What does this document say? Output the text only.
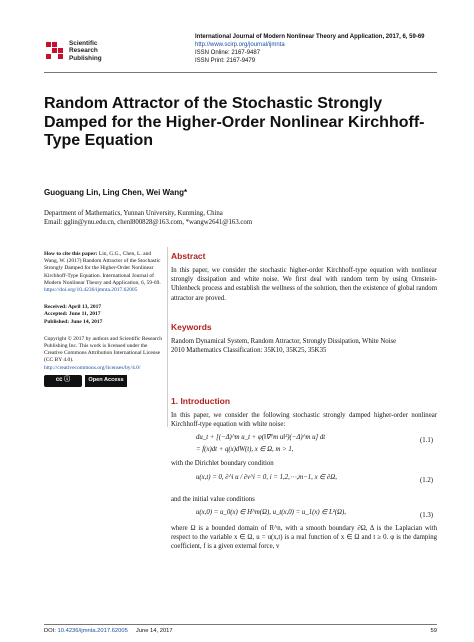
Scientific
Research
Publishing
International Journal of Modern Nonlinear Theory and Application, 2017, 6, 59-69
http://www.scirp.org/journal/ijmnta
ISSN Online: 2167-9487
ISSN Print: 2167-9479
Random Attractor of the Stochastic Strongly Damped for the Higher-Order Nonlinear Kirchhoff-Type Equation
Guoguang Lin, Ling Chen, Wei Wang*
Department of Mathematics, Yunnan University, Kunming, China
Email: gglin@ynu.edu.cn, chenl800828@163.com, *wangw2641@163.com

How to cite this paper: Lin, G.G., Chen, L. and Wang, W. (2017) Random Attractor of the Stochastic Strongly Damped for the Higher-Order Nonlinear Kirchhoff-Type Equation. International Journal of Modern Nonlinear Theory and Application, 6, 59-69. https://doi.org/10.4236/ijmnta.2017.62005

Received: April 13, 2017
Accepted: June 11, 2017
Published: June 14, 2017

Copyright © 2017 by authors and Scientific Research Publishing Inc. This work is licensed under the Creative Commons Attribution International License (CC BY 4.0).
http://creativecommons.org/licenses/by/4.0/

cc ⓘ	Open Access
Abstract
In this paper, we consider the stochastic higher-order Kirchhoff-type equation with nonlinear strongly dissipation and white noise. We first deal with random term by using Ornstein-Uhlenbeck process and establish the wellness of the solution, then the existence of global random attractor are proved.
Keywords
Random Dynamical System, Random Attractor, Strongly Dissipation, White Noise
2010 Mathematics Classification: 35K10, 35K25, 35K35
1. Introduction
In this paper, we consider the following stochastic strongly damped higher-order nonlinear Kirchhoff-type equation with white noise:
du_t + [(−Δ)^m u_t + φ(‖∇^m u‖²)(−Δ)^m u] dt
= f(x)dt + q(x)dW(t), x ∈ Ω, m > 1,
(1.1)
with the Dirichlet boundary condition
u(x,t) = 0, ∂^i u / ∂ν^i = 0, i = 1,2,⋯,m−1, x ∈ ∂Ω,	(1.2)
and the initial value conditions
u(x,0) = u_0(x) ∈ H^m(Ω), u_t(x,0) = u_1(x) ∈ L²(Ω),	(1.3)
where Ω is a bounded domain of R^n, with a smooth boundary ∂Ω, Δ is the Laplacian with respect to the variable x ∈ Ω, u = u(x,t) is a real function of x ∈ Ω and t ≥ 0. φ is the damping coefficient, f is a given external force, v
DOI: 10.4236/ijmnta.2017.62005 June 14, 2017	59
